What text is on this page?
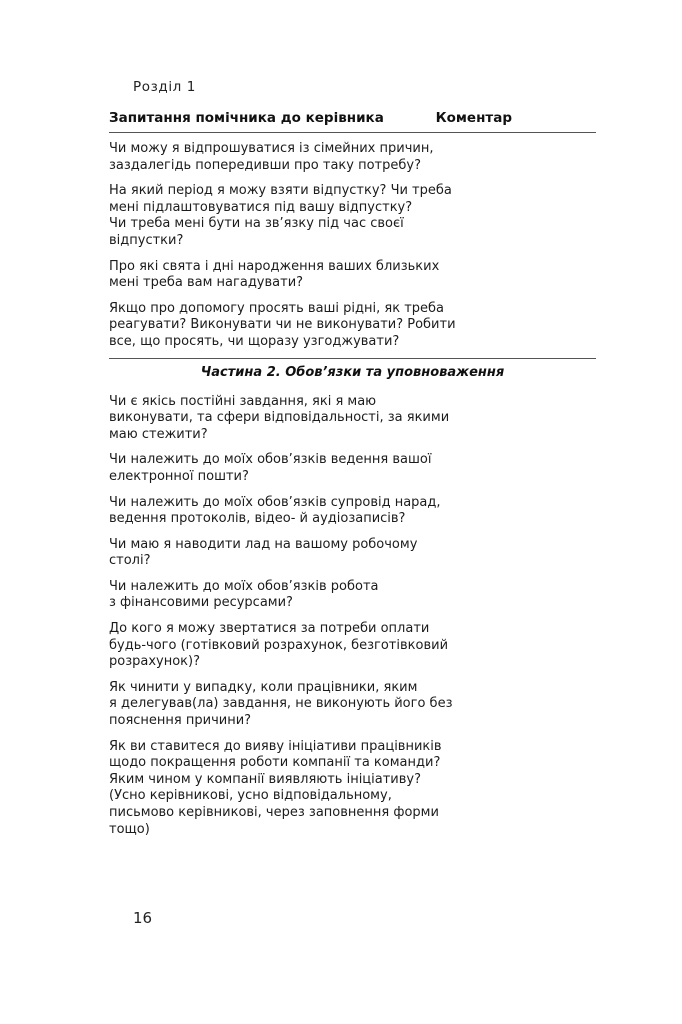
Розділ 1
Запитання помічника до керівника	Коментар
Чи можу я відпрошуватися із сімейних причин,
заздалегідь попередивши про таку потребу?
На який період я можу взяти відпустку? Чи треба
мені підлаштовуватися під вашу відпустку?
Чи треба мені бути на зв’язку під час своєї
відпустки?
Про які свята і дні народження ваших близьких
мені треба вам нагадувати?
Якщо про допомогу просять ваші рідні, як треба
реагувати? Виконувати чи не виконувати? Робити
все, що просять, чи щоразу узгоджувати?
Частина 2. Обов’язки та уповноваження
Чи є якісь постійні завдання, які я маю
виконувати, та сфери відповідальності, за якими
маю стежити?
Чи належить до моїх обов’язків ведення вашої
електронної пошти?
Чи належить до моїх обов’язків супровід нарад,
ведення протоколів, відео- й аудіозаписів?
Чи маю я наводити лад на вашому робочому
столі?
Чи належить до моїх обов’язків робота
з фінансовими ресурсами?
До кого я можу звертатися за потреби оплати
будь-чого (готівковий розрахунок, безготівковий
розрахунок)?
Як чинити у випадку, коли працівники, яким
я делегував(ла) завдання, не виконують його без
пояснення причини?
Як ви ставитеся до вияву ініціативи працівників
щодо покращення роботи компанії та команди?
Яким чином у компанії виявляють ініціативу?
(Усно керівникові, усно відповідальному,
письмово керівникові, через заповнення форми
тощо)
16
